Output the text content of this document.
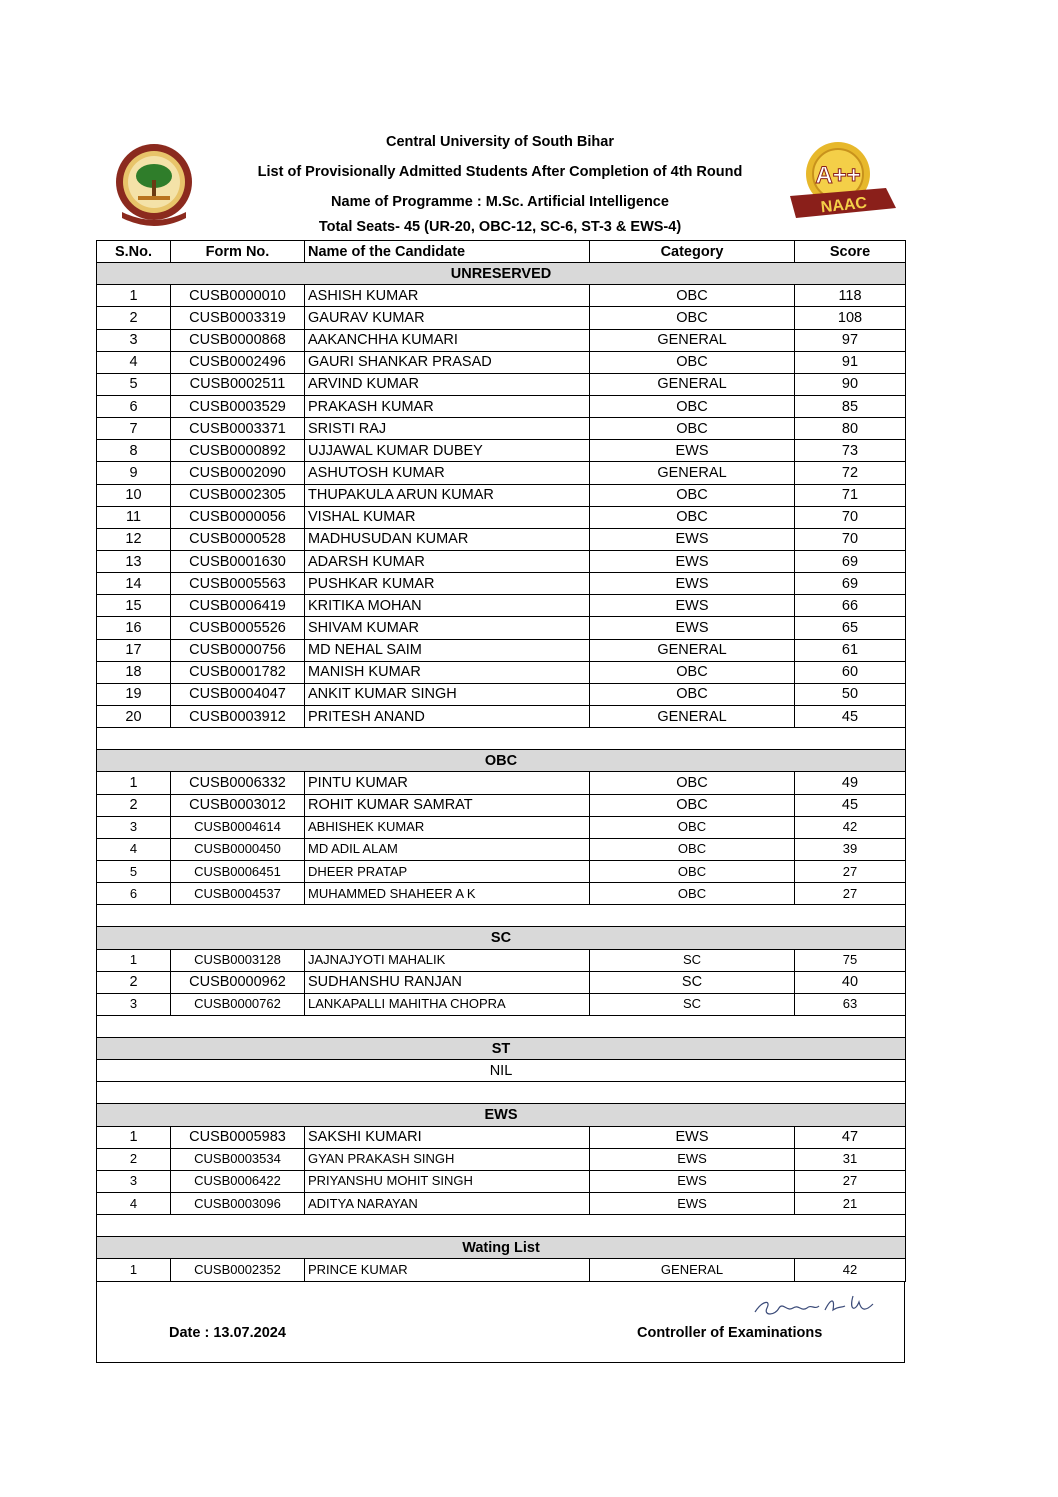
Central University of South Bihar
List of Provisionally Admitted Students After Completion of 4th Round
Name of Programme : M.Sc. Artificial Intelligence
Total Seats- 45 (UR-20, OBC-12, SC-6, ST-3 & EWS-4)
A++
NAAC
S.No.	Form No.	Name of the Candidate	Category	Score
UNRESERVED				
1	CUSB0000010	ASHISH KUMAR	OBC	118
2	CUSB0003319	GAURAV KUMAR	OBC	108
3	CUSB0000868	AAKANCHHA KUMARI	GENERAL	97
4	CUSB0002496	GAURI SHANKAR PRASAD	OBC	91
5	CUSB0002511	ARVIND KUMAR	GENERAL	90
6	CUSB0003529	PRAKASH KUMAR	OBC	85
7	CUSB0003371	SRISTI RAJ	OBC	80
8	CUSB0000892	UJJAWAL KUMAR DUBEY	EWS	73
9	CUSB0002090	ASHUTOSH KUMAR	GENERAL	72
10	CUSB0002305	THUPAKULA ARUN KUMAR	OBC	71
11	CUSB0000056	VISHAL KUMAR	OBC	70
12	CUSB0000528	MADHUSUDAN KUMAR	EWS	70
13	CUSB0001630	ADARSH KUMAR	EWS	69
14	CUSB0005563	PUSHKAR KUMAR	EWS	69
15	CUSB0006419	KRITIKA MOHAN	EWS	66
16	CUSB0005526	SHIVAM KUMAR	EWS	65
17	CUSB0000756	MD NEHAL SAIM	GENERAL	61
18	CUSB0001782	MANISH KUMAR	OBC	60
19	CUSB0004047	ANKIT KUMAR SINGH	OBC	50
20	CUSB0003912	PRITESH ANAND	GENERAL	45

OBC				
1	CUSB0006332	PINTU KUMAR	OBC	49
2	CUSB0003012	ROHIT KUMAR SAMRAT	OBC	45
3	CUSB0004614	ABHISHEK KUMAR	OBC	42
4	CUSB0000450	MD ADIL ALAM	OBC	39
5	CUSB0006451	DHEER PRATAP	OBC	27
6	CUSB0004537	MUHAMMED SHAHEER A K	OBC	27

SC				
1	CUSB0003128	JAJNAJYOTI MAHALIK	SC	75
2	CUSB0000962	SUDHANSHU RANJAN	SC	40
3	CUSB0000762	LANKAPALLI MAHITHA CHOPRA	SC	63

ST				
NIL				

EWS				
1	CUSB0005983	SAKSHI KUMARI	EWS	47
2	CUSB0003534	GYAN PRAKASH SINGH	EWS	31
3	CUSB0006422	PRIYANSHU MOHIT SINGH	EWS	27
4	CUSB0003096	ADITYA NARAYAN	EWS	21

Wating List				
1	CUSB0002352	PRINCE KUMAR	GENERAL	42
Date : 13.07.2024	Controller of Examinations
